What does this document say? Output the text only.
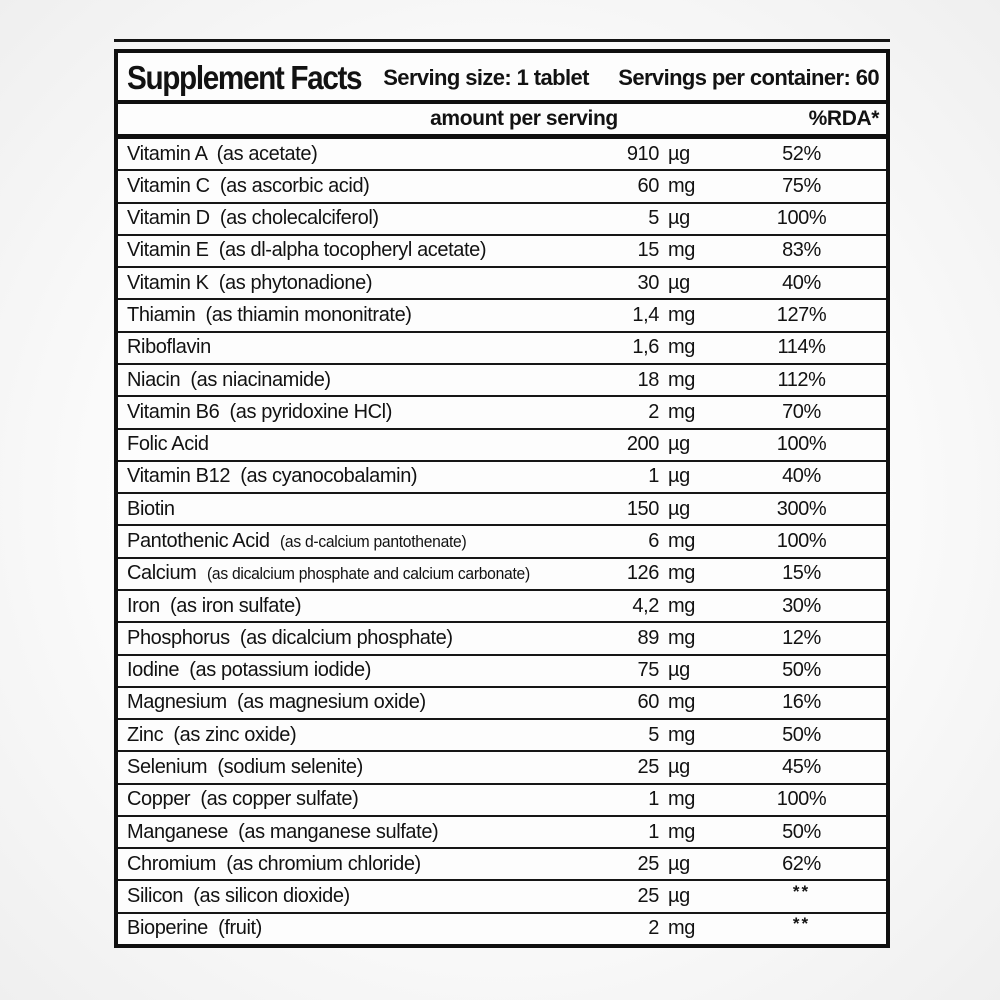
Supplement Facts Serving size: 1 tablet Servings per container: 60
amount per serving	%RDA*
Vitamin A (as acetate)	910 µg	52%
Vitamin C (as ascorbic acid)	60 mg	75%
Vitamin D (as cholecalciferol)	5 µg	100%
Vitamin E (as dl-alpha tocopheryl acetate)	15 mg	83%
Vitamin K (as phytonadione)	30 µg	40%
Thiamin (as thiamin mononitrate)	1,4 mg	127%
Riboflavin	1,6 mg	114%
Niacin (as niacinamide)	18 mg	112%
Vitamin B6 (as pyridoxine HCl)	2 mg	70%
Folic Acid	200 µg	100%
Vitamin B12 (as cyanocobalamin)	1 µg	40%
Biotin	150 µg	300%
Pantothenic Acid (as d-calcium pantothenate)	6 mg	100%
Calcium (as dicalcium phosphate and calcium carbonate)	126 mg	15%
Iron (as iron sulfate)	4,2 mg	30%
Phosphorus (as dicalcium phosphate)	89 mg	12%
Iodine (as potassium iodide)	75 µg	50%
Magnesium (as magnesium oxide)	60 mg	16%
Zinc (as zinc oxide)	5 mg	50%
Selenium (sodium selenite)	25 µg	45%
Copper (as copper sulfate)	1 mg	100%
Manganese (as manganese sulfate)	1 mg	50%
Chromium (as chromium chloride)	25 µg	62%
Silicon (as silicon dioxide)	25 µg	**
Bioperine (fruit)	2 mg	**
